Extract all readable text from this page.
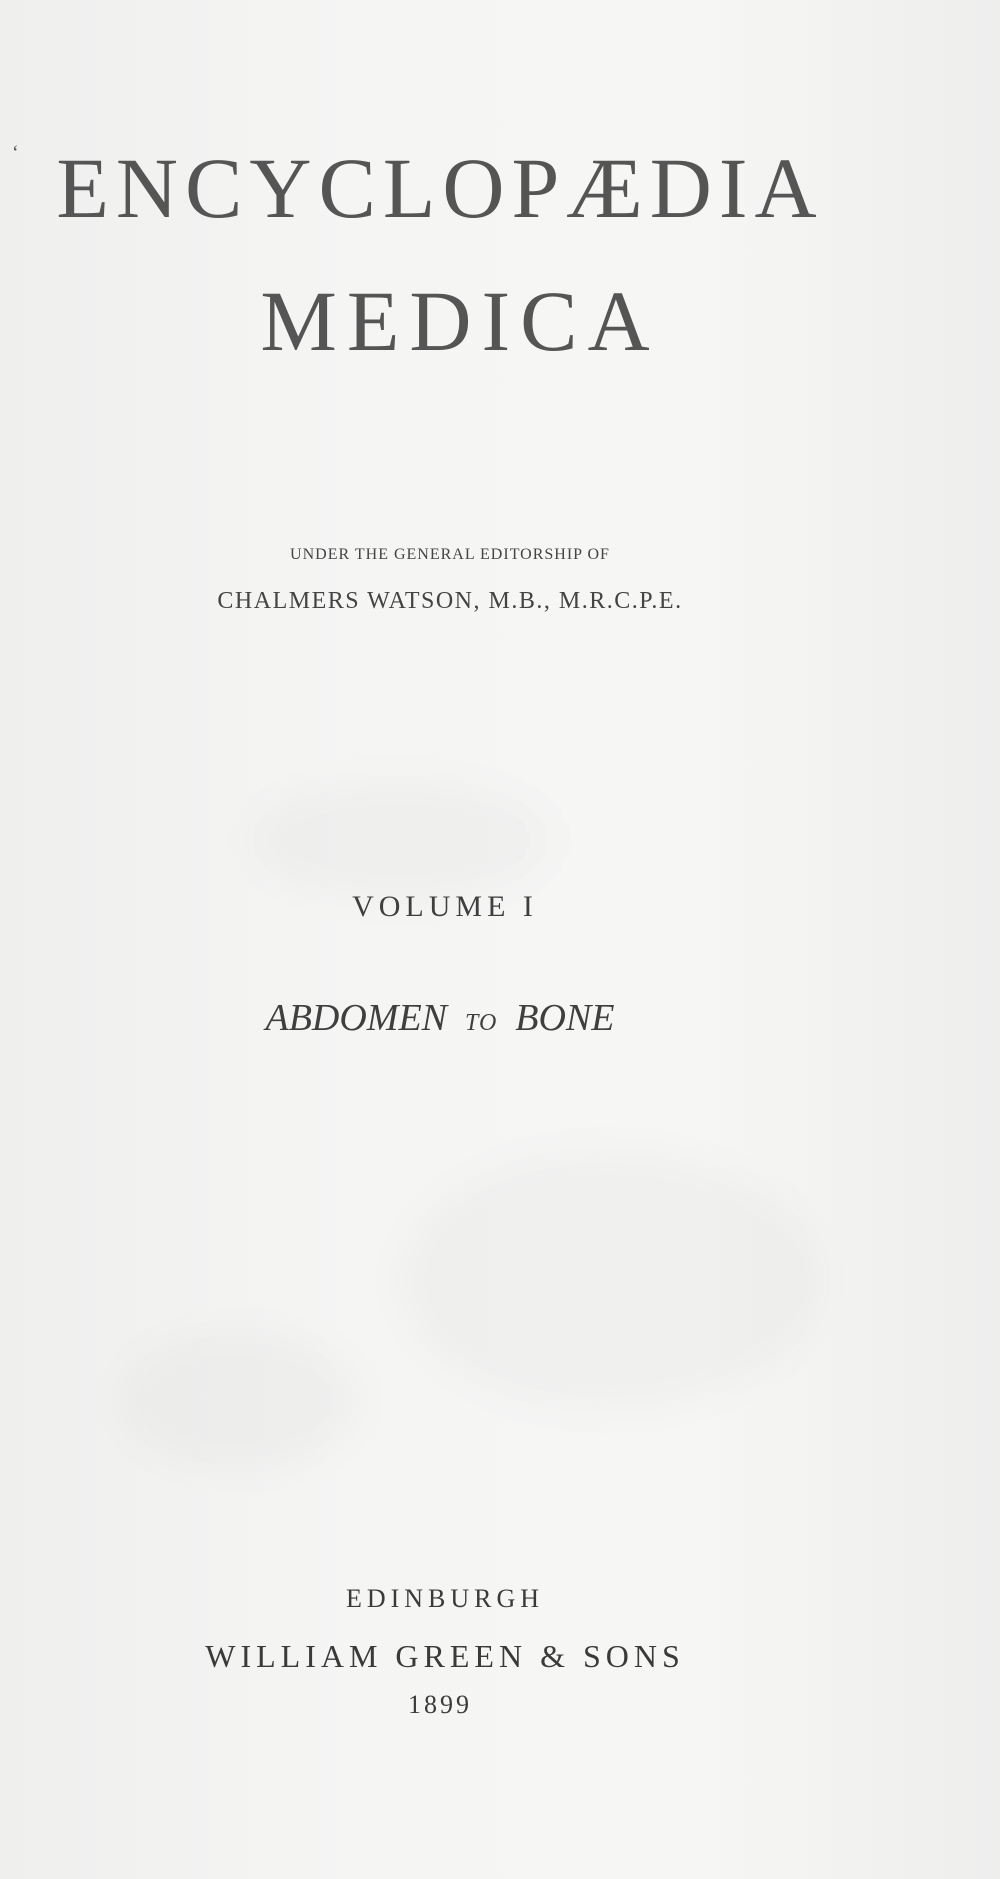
‘ ENCYCLOPÆDIA
MEDICA
UNDER THE GENERAL EDITORSHIP OF
CHALMERS WATSON, M.B., M.R.C.P.E.
VOLUME I
ABDOMEN TO BONE
EDINBURGH
WILLIAM GREEN & SONS
1899
